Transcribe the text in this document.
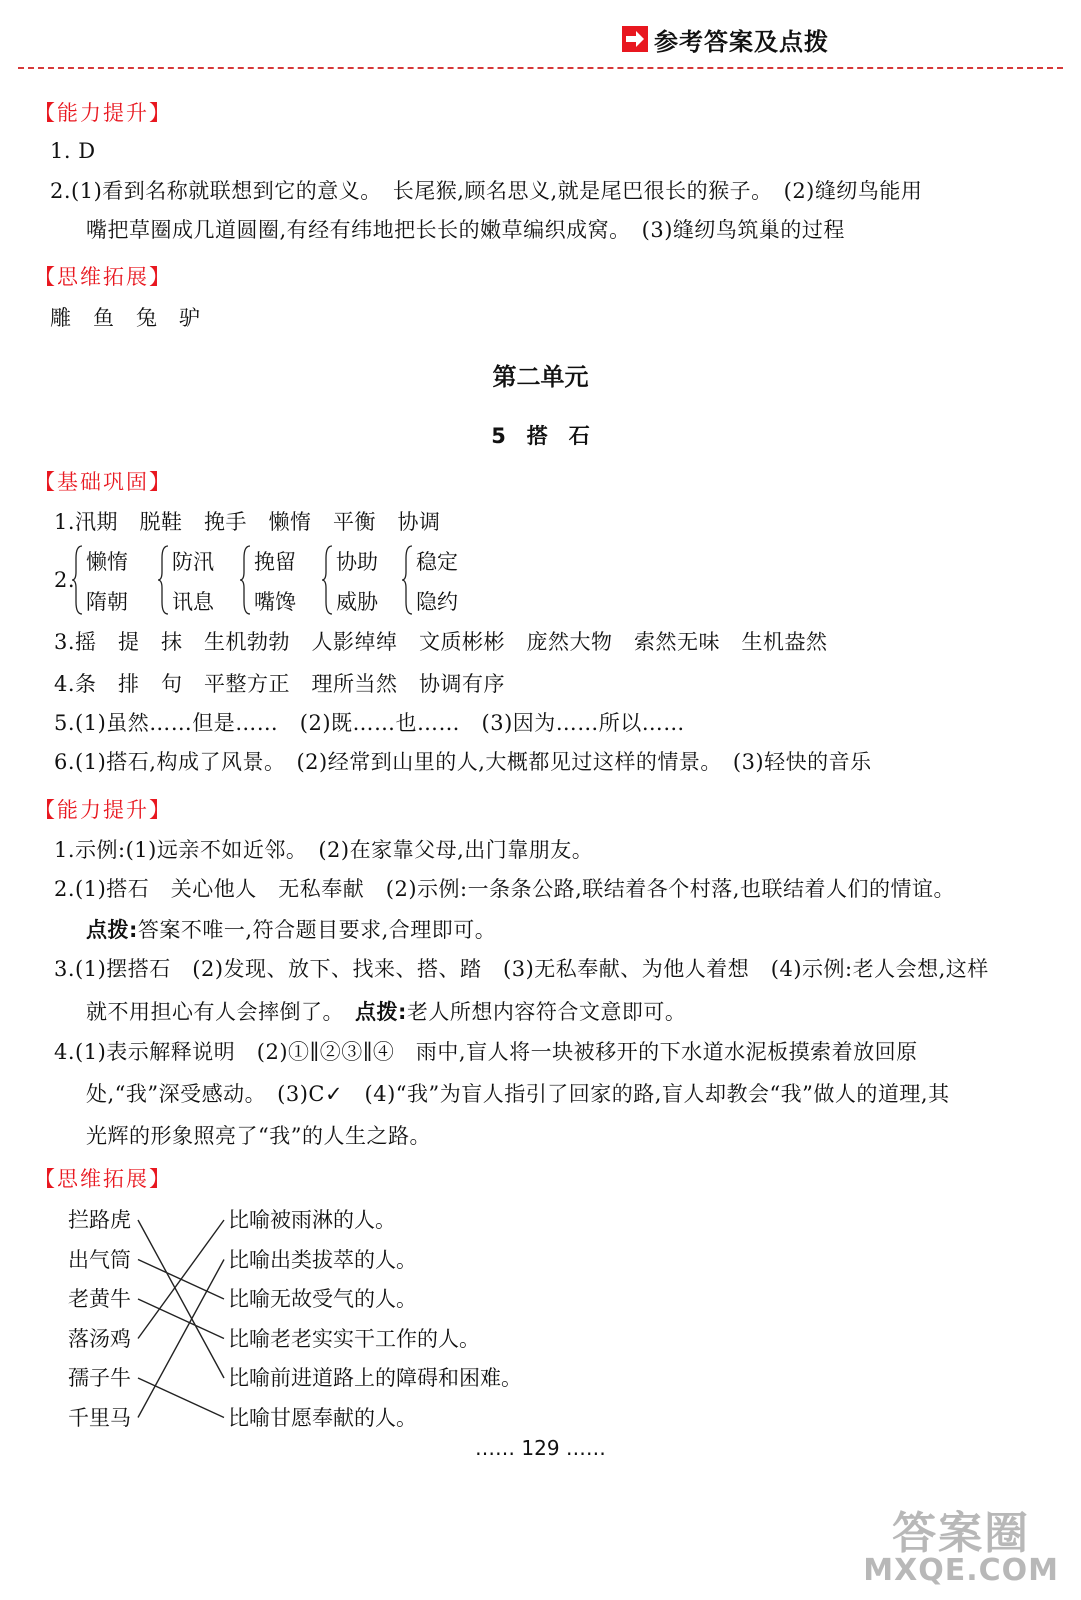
参考答案及点拨
【能力提升】
1. D
2.(1)看到名称就联想到它的意义。　长尾猴,顾名思义,就是尾巴很长的猴子。　(2)缝纫鸟能用
嘴把草圈成几道圆圈,有经有纬地把长长的嫩草编织成窝。　(3)缝纫鸟筑巢的过程
【思维拓展】
雕　鱼　兔　驴
第二单元
5　搭　石
【基础巩固】
1.汛期　脱鞋　挽手　懒惰　平衡　协调
2.
懒惰
隋朝
防汛
讯息
挽留
嘴馋
协助
威胁
稳定
隐约
3.摇　提　抹　生机勃勃　人影绰绰　文质彬彬　庞然大物　索然无味　生机盎然
4.条　排　句　平整方正　理所当然　协调有序
5.(1)虽然……但是……　(2)既……也……　(3)因为……所以……
6.(1)搭石,构成了风景。　(2)经常到山里的人,大概都见过这样的情景。　(3)轻快的音乐
【能力提升】
1.示例:(1)远亲不如近邻。　(2)在家靠父母,出门靠朋友。
2.(1)搭石　关心他人　无私奉献　(2)示例:一条条公路,联结着各个村落,也联结着人们的情谊。
点拨:答案不唯一,符合题目要求,合理即可。
3.(1)摆搭石　(2)发现、放下、找来、搭、踏　(3)无私奉献、为他人着想　(4)示例:老人会想,这样
就不用担心有人会摔倒了。　点拨:老人所想内容符合文意即可。
4.(1)表示解释说明　(2)①∥②③∥④　雨中,盲人将一块被移开的下水道水泥板摸索着放回原
处,“我”深受感动。　(3)C✓　(4)“我”为盲人指引了回家的路,盲人却教会“我”做人的道理,其
光辉的形象照亮了“我”的人生之路。
【思维拓展】
拦路虎
出气筒
老黄牛
落汤鸡
孺子牛
千里马
比喻被雨淋的人。
比喻出类拔萃的人。
比喻无故受气的人。
比喻老老实实干工作的人。
比喻前进道路上的障碍和困难。
比喻甘愿奉献的人。
…… 129 ……
答案圈
MXQE.COM
